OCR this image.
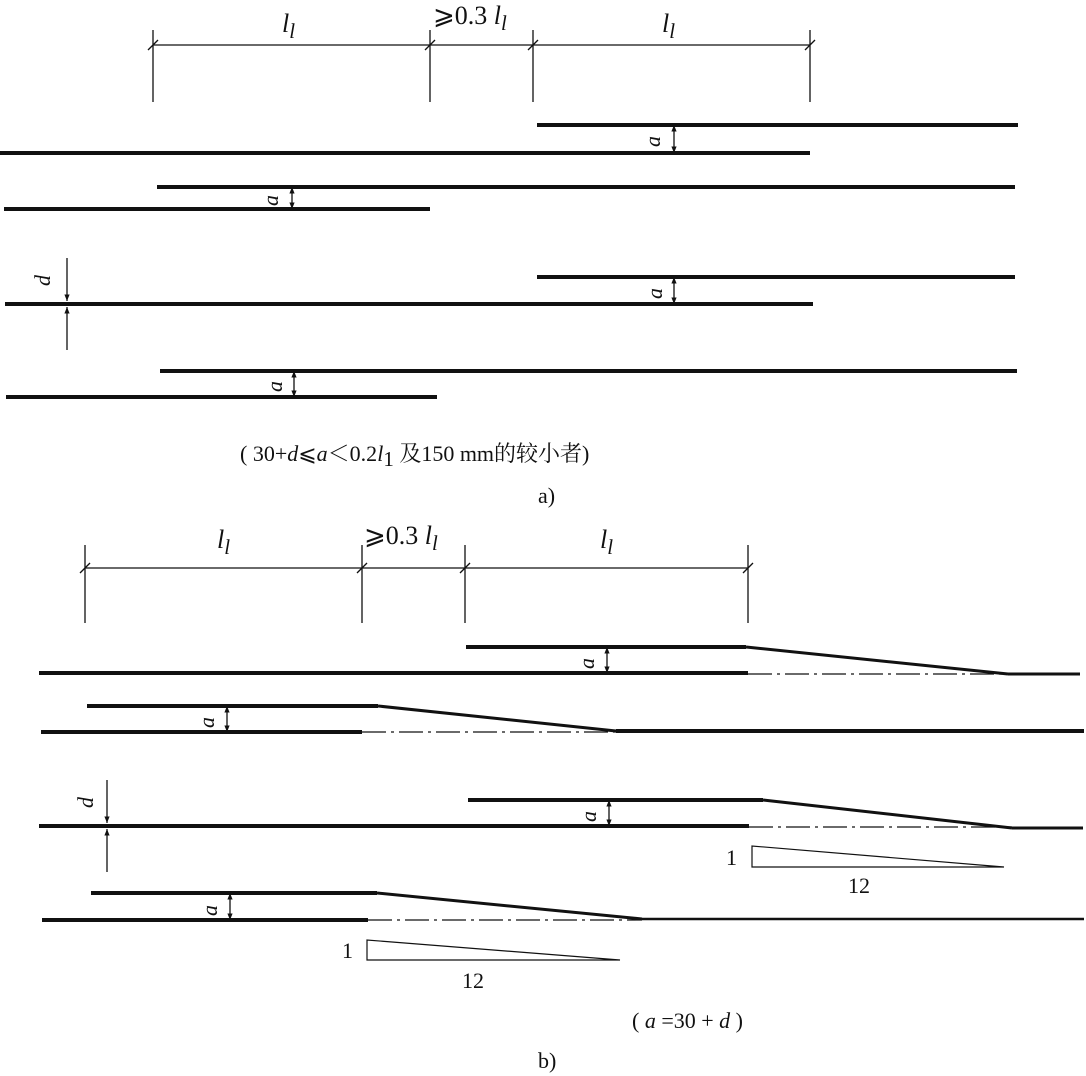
$l_l$
⩾0.3 $l_l$	$l_l$
a
a
a
a
d
( 30+d⩽a＜0.2l1 及150 mm的较小者)
a)
$l_l$	⩾0.3 $l_l$	$l_l$
a
a
a
a
d
1
12
1
12
( a =30 + d )
b)
